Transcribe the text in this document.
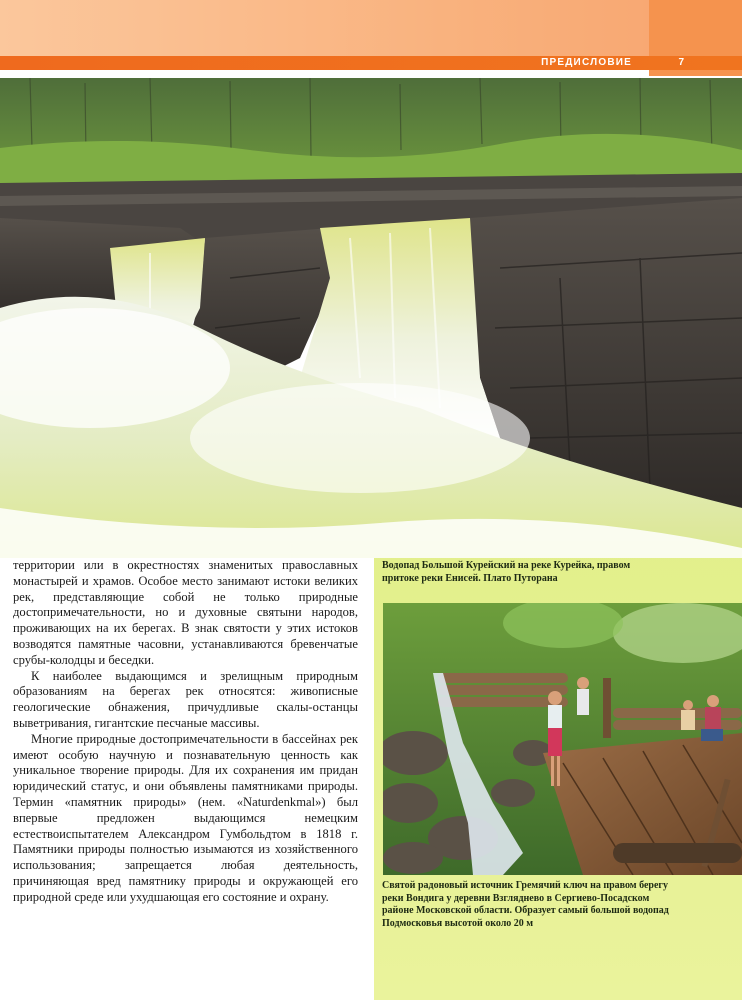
ПРЕДИСЛОВИЕ	7
Водопад Большой Курейский на реке Курейка, правом притоке реки Енисей. Плато Путорана
Святой радоновый источник Гремячий ключ на правом берегу реки Вондига у деревни Взгляднево в Сергиево-Посадском районе Московской области. Образует самый большой водопад Подмосковья высотой около 20 м

территории или в окрестностях знаменитых православных монастырей и храмов. Особое место занимают истоки великих рек, представляющие собой не только природные достопримечательности, но и духовные святыни народов, проживающих на их берегах. В знак святости у этих истоков возводятся памятные часовни, устанавливаются бревенчатые срубы-колодцы и беседки.

К наиболее выдающимся и зрелищным природным образованиям на берегах рек относятся: живописные геологические обнажения, причудливые скалы-останцы выветривания, гигантские песчаные массивы.

Многие природные достопримечательности в бассейнах рек имеют особую научную и познавательную ценность как уникальное творение природы. Для их сохранения им придан юридический статус, и они объявлены памятниками природы. Термин «памятник природы» (нем. «Naturdenkmal») был впервые предложен выдающимся немецким естествоиспытателем Александром Гумбольдтом в 1818 г. Памятники природы полностью изымаются из хозяйственного использования; запрещается любая деятельность, причиняющая вред памятнику природы и окружающей его природной среде или ухудшающая его состояние и охрану.
